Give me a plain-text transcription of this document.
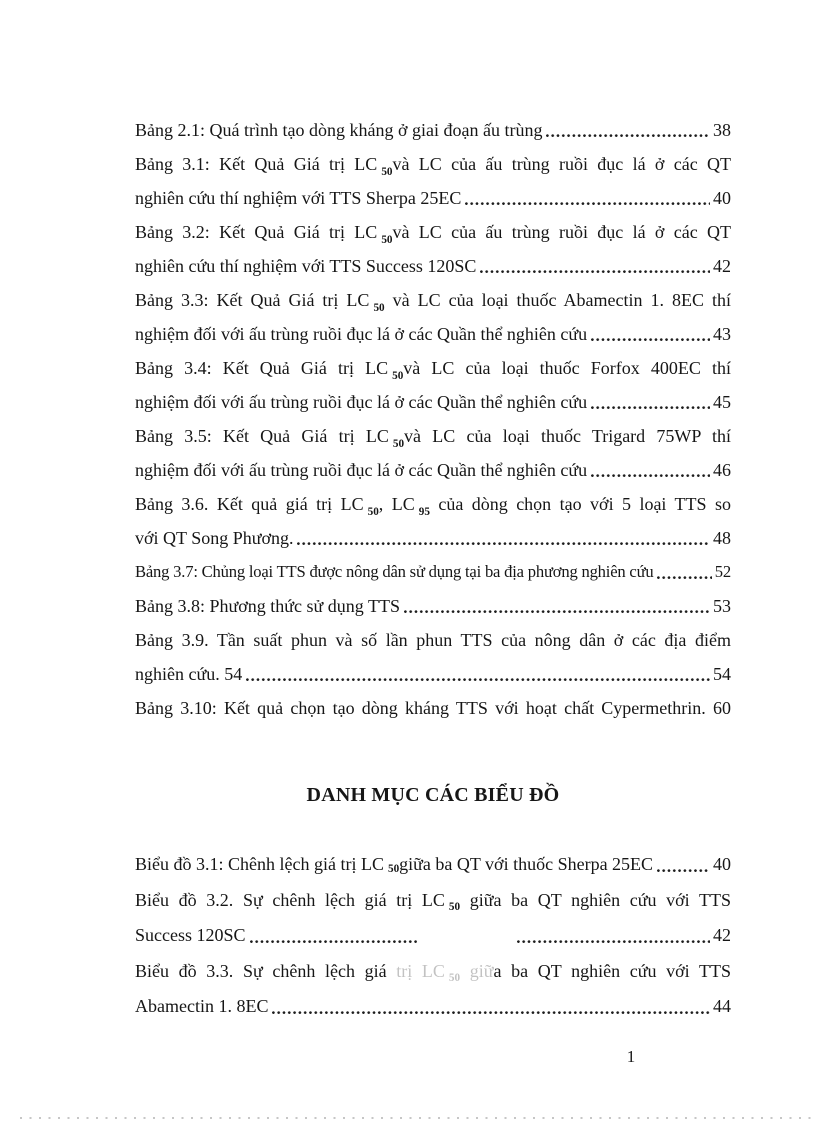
Bảng 2.1: Quá trình tạo dòng kháng ở giai đoạn ấu trùng	38
Bảng 3.1: Kết Quả Giá trị LC $_{50}$và LC của ấu trùng ruồi đục lá ở các QT
nghiên cứu thí nghiệm với TTS Sherpa 25EC	40
Bảng 3.2: Kết Quả Giá trị LC $_{50}$và LC của ấu trùng ruồi đục lá ở các QT
nghiên cứu thí nghiệm với TTS Success 120SC	42
Bảng 3.3: Kết Quả Giá trị LC $_{50}$ và LC của loại thuốc Abamectin 1. 8EC thí
nghiệm đối với ấu trùng ruồi đục lá ở các Quần thể nghiên cứu	43
Bảng 3.4: Kết Quả Giá trị LC $_{50}$và LC của loại thuốc Forfox 400EC thí
nghiệm đối với ấu trùng ruồi đục lá ở các Quần thể nghiên cứu	45
Bảng 3.5: Kết Quả Giá trị LC $_{50}$và LC của loại thuốc Trigard 75WP thí
nghiệm đối với ấu trùng ruồi đục lá ở các Quần thể nghiên cứu	46
Bảng 3.6. Kết quả giá trị LC $_{50}$, LC $_{95}$ của dòng chọn tạo với 5 loại TTS so
với QT Song Phương.	48
Bảng 3.7: Chủng loại TTS được nông dân sử dụng tại ba địa phương nghiên cứu	52
Bảng 3.8: Phương thức sử dụng TTS	53
Bảng 3.9. Tần suất phun và số lần phun TTS của nông dân ở các địa điểm
nghiên cứu. 54	54
Bảng 3.10: Kết quả chọn tạo dòng kháng TTS với hoạt chất Cypermethrin. 60
DANH MỤC CÁC BIỂU ĐỒ
Biểu đồ 3.1: Chênh lệch giá trị LC 50 giữa ba QT với thuốc Sherpa 25EC	40
Biểu đồ 3.2. Sự chênh lệch giá trị LC $_{50}$ giữa ba QT nghiên cứu với TTS
Success 120SC	42
Biểu đồ 3.3. Sự chênh lệch giá trị LC $_{50}$ giữa ba QT nghiên cứu với TTS
Abamectin 1. 8EC	44
1
